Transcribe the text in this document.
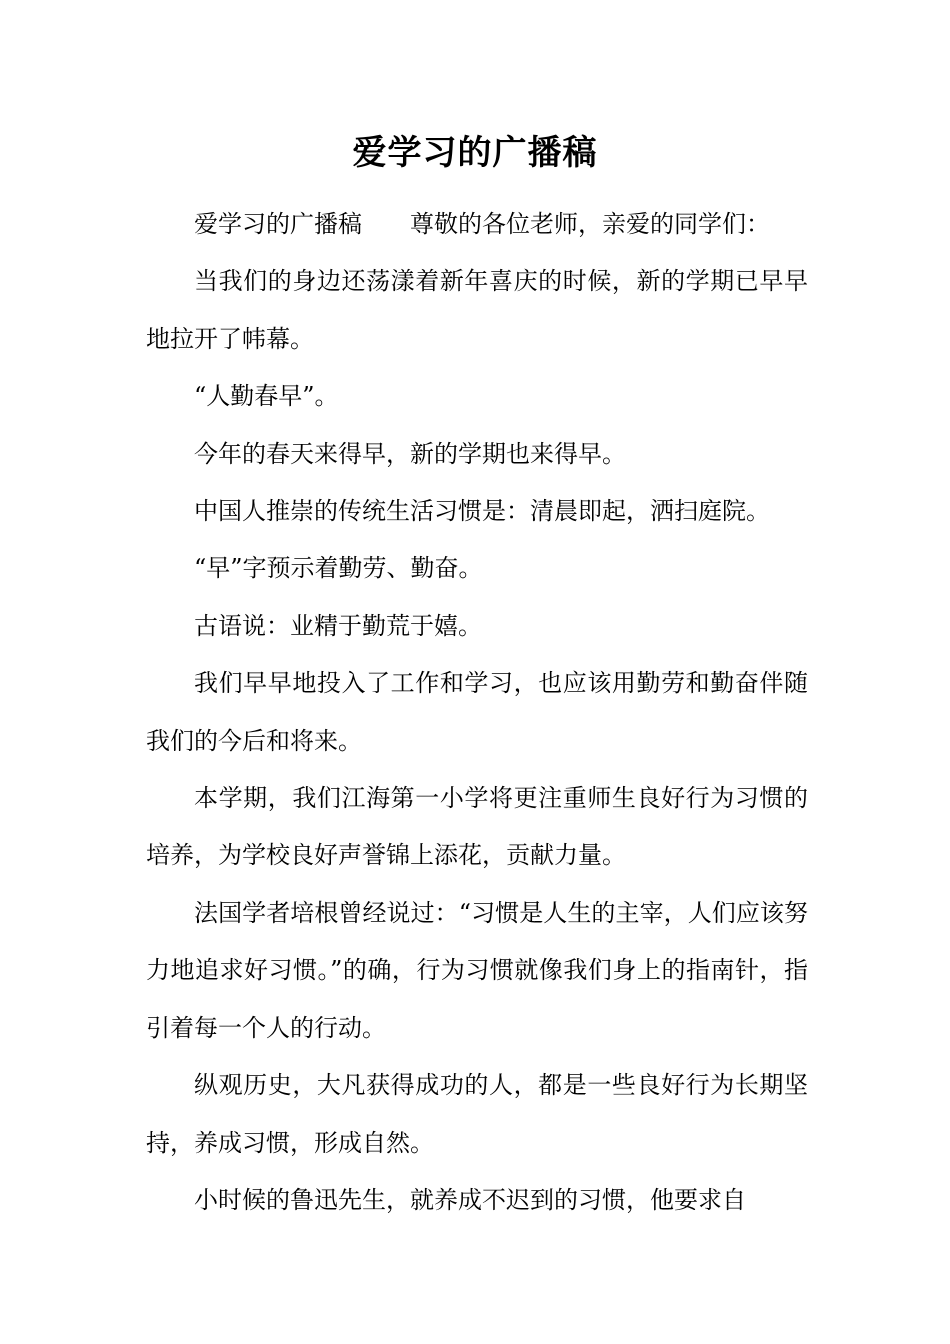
爱学习的广播稿

爱学习的广播稿 尊敬的各位老师，亲爱的同学们：

当我们的身边还荡漾着新年喜庆的时候，新的学期已早早地拉开了帏幕。

“人勤春早”。

今年的春天来得早，新的学期也来得早。

中国人推崇的传统生活习惯是：清晨即起，洒扫庭院。

“早”字预示着勤劳、勤奋。

古语说：业精于勤荒于嬉。

我们早早地投入了工作和学习，也应该用勤劳和勤奋伴随我们的今后和将来。

本学期，我们江海第一小学将更注重师生良好行为习惯的培养，为学校良好声誉锦上添花，贡献力量。

法国学者培根曾经说过：“习惯是人生的主宰，人们应该努力地追求好习惯。”的确，行为习惯就像我们身上的指南针，指引着每一个人的行动。

纵观历史，大凡获得成功的人，都是一些良好行为长期坚持，养成习惯，形成自然。

小时候的鲁迅先生，就养成不迟到的习惯，他要求自
